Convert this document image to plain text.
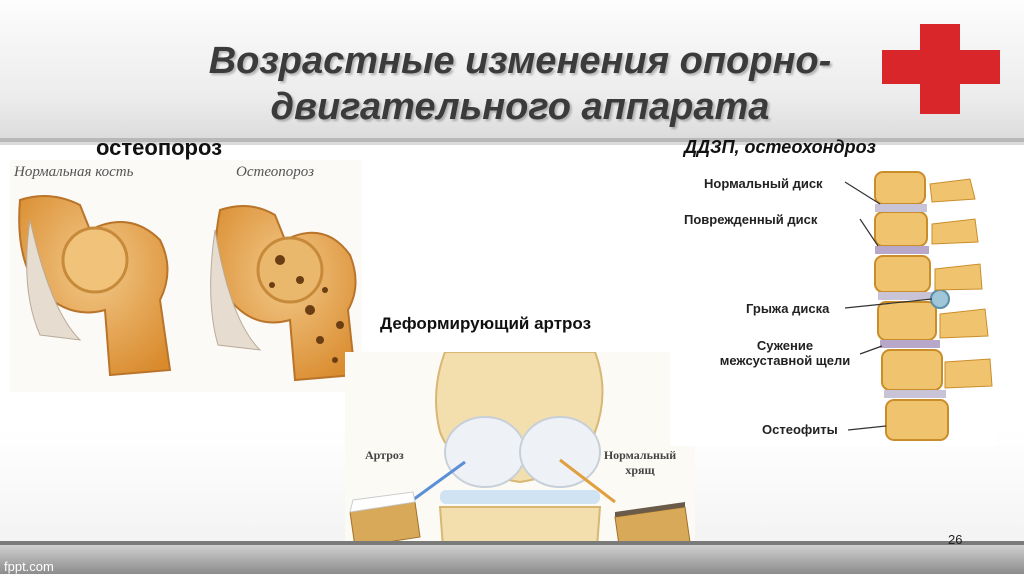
Возрастные изменения опорно-
двигательного аппарата
остеопороз	ДДЗП, остеохондроз
Нормальная кость	Остеопороз
Деформирующий артроз
Артроз	Нормальный
хрящ
Нормальный диск
Поврежденный диск
Грыжа диска
Сужение
межсуставной щели
Остеофиты
26
fppt.com
